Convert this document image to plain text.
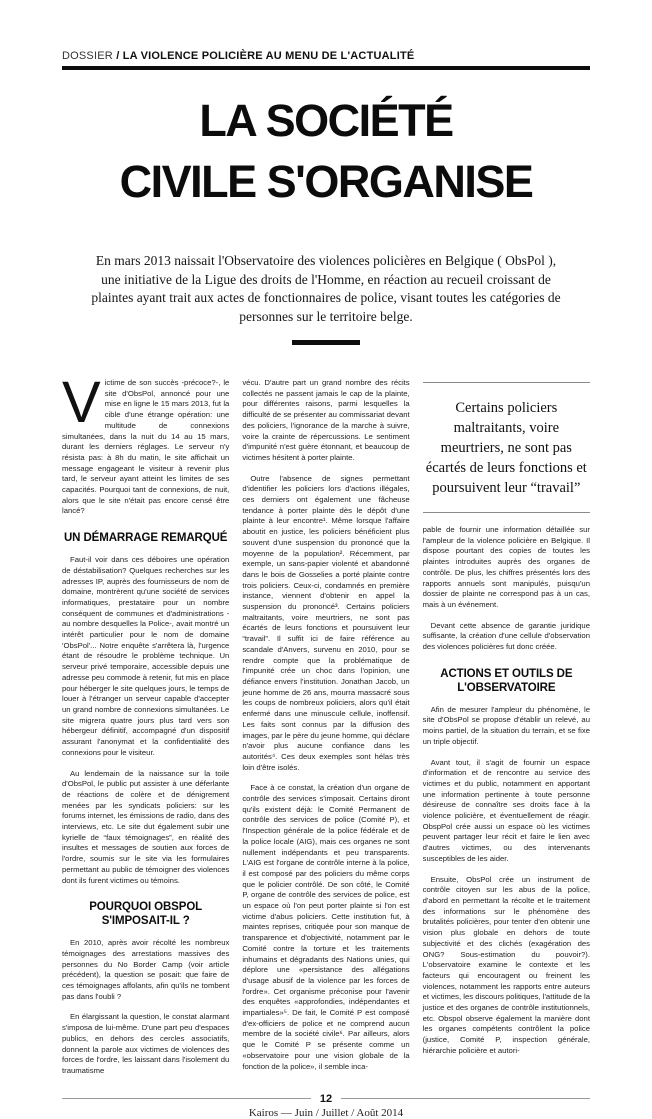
DOSSIER / LA VIOLENCE POLICIÈRE AU MENU DE L'ACTUALITÉ
LA SOCIÉTÉ
CIVILE S'ORGANISE

En mars 2013 naissait l'Observatoire des violences policières en Belgique ( ObsPol ), une initiative de la Ligue des droits de l'Homme, en réaction au recueil croissant de plaintes ayant trait aux actes de fonctionnaires de police, visant toutes les catégories de personnes sur le territoire belge.

Victime de son succès -précoce?-, le site d'ObsPol, annoncé pour une mise en ligne le 15 mars 2013, fut la cible d'une étrange opération: une multitude de connexions simultanées, dans la nuit du 14 au 15 mars, durant les derniers réglages. Le serveur n'y résista pas: à 8h du matin, le site affichait un message engageant le visiteur à revenir plus tard, le serveur ayant atteint les limites de ses capacités. Pourquoi tant de connexions, de nuit, alors que le site n'était pas encore censé être lancé?

UN DÉMARRAGE REMARQUÉ

Faut-il voir dans ces déboires une opération de déstabilisation? Quelques recherches sur les adresses IP, auprès des fournisseurs de nom de domaine, montrèrent qu'une société de services informatiques, prestataire pour un nombre conséquent de communes et d'administrations -au nombre desquelles la Police-, avait montré un intérêt particulier pour le nom de domaine 'ObsPol'... Notre enquête s'arrêtera là, l'urgence étant de résoudre le problème technique. Un serveur privé temporaire, accessible depuis une adresse peu commode à retenir, fut mis en place pour héberger le site quelques jours, le temps de louer à l'étranger un serveur capable d'accepter un grand nombre de connexions simultanées. Le site migrera quatre jours plus tard vers son hébergeur définitif, accompagné d'un dispositif assurant l'anonymat et la confidentialité des connexions pour le visiteur.

Au lendemain de la naissance sur la toile d'ObsPol, le public put assister à une déferlante de réactions de colère et de dénigrement menées par les syndicats policiers: sur les forums internet, les émissions de radio, dans des interviews, etc. Le site dut également subir une kyrielle de “faux témoignages”, en réalité des insultes et messages de soutien aux forces de l'ordre, soumis sur le site via les formulaires permettant au public de témoigner des violences dont ils furent victimes ou témoins.

POURQUOI OBSPOL S'IMPOSAIT-IL ?

En 2010, après avoir récolté les nombreux témoignages des arrestations massives des personnes du No Border Camp (voir article précédent), la question se posait: que faire de ces témoignages affolants, afin qu'ils ne tombent pas dans l'oubli ?

En élargissant la question, le constat alarmant s'imposa de lui-même. D'une part peu d'espaces publics, en dehors des cercles associatifs, donnent la parole aux victimes de violences des forces de l'ordre, les laissant dans l'isolement du traumatisme

vécu. D'autre part un grand nombre des récits collectés ne passent jamais le cap de la plainte, pour différentes raisons, parmi lesquelles la difficulté de se présenter au commissariat devant des policiers, l'ignorance de la marche à suivre, voire la crainte de répercussions. Le sentiment d'impunité n'est guère étonnant, et beaucoup de victimes hésitent à porter plainte.

Outre l'absence de signes permettant d'identifier les policiers lors d'actions illégales, ces derniers ont également une fâcheuse tendance à porter plainte dès le dépôt d'une plainte à leur encontre¹. Même lorsque l'affaire aboutit en justice, les policiers bénéficient plus souvent d'une suspension du prononcé que la moyenne de la population². Récemment, par exemple, un sans-papier violenté et abandonné dans le bois de Gosselies a porté plainte contre trois policiers. Ceux-ci, condamnés en première instance, viennent d'obtenir en appel la suspension du prononcé³. Certains policiers maltraitants, voire meurtriers, ne sont pas écartés de leurs fonctions et poursuivent leur “travail”. Il suffit ici de faire référence au scandale d'Anvers, survenu en 2010, pour se rendre compte que la problématique de l'impunité crée un choc dans l'opinion, une défiance envers l'institution. Jonathan Jacob, un jeune homme de 26 ans, mourra massacré sous les coups de nombreux policiers, alors qu'il était enfermé dans une minuscule cellule, inoffensif. Les faits sont connus par la diffusion des images, par le père du jeune homme, qui déclare n'avoir plus aucune confiance dans les autorités⁴. Ces deux exemples sont hélas très loin d'être isolés.

Face à ce constat, la création d'un organe de contrôle des services s'imposait. Certains diront qu'ils existent déjà: le Comité Permanent de contrôle des services de police (Comité P), et l'Inspection générale de la police fédérale et de la police locale (AIG), mais ces organes ne sont nullement indépendants et peu transparents. L'AIG est l'organe de contrôle interne à la police, il est composé par des policiers du même corps que le policier contrôlé. De son côté, le Comité P, organe de contrôle des services de police, est un espace où l'on peut porter plainte si l'on est victime d'abus policiers. Cette institution fut, à maintes reprises, critiquée pour son manque de transparence et d'objectivité, notamment par le Comité contre la torture et les traitements inhumains et dégradants des Nations unies, qui déplore une «persistance des allégations d'usage abusif de la violence par les forces de l'ordre». Cet organisme préconise pour l'avenir des enquêtes «approfondies, indépendantes et impartiales»⁵. De fait, le Comité P est composé d'ex-officiers de police et ne comprend aucun membre de la société civile⁶. Par ailleurs, alors que le Comité P se présente comme un «observatoire pour une vision globale de la fonction de la police», il semble inca-

Certains policiers maltraitants, voire meurtriers, ne sont pas écartés de leurs fonctions et poursuivent leur “travail”

pable de fournir une information détaillée sur l'ampleur de la violence policière en Belgique. Il dispose pourtant des copies de toutes les plaintes introduites auprès des organes de contrôle. De plus, les chiffres présentés lors des rapports annuels sont manipulés, puisqu'un dossier de plainte ne correspond pas à un cas, mais à un événement.

Devant cette absence de garantie juridique suffisante, la création d'une cellule d'observation des violences policières fut donc créée.

ACTIONS ET OUTILS DE L'OBSERVATOIRE

Afin de mesurer l'ampleur du phénomène, le site d'ObsPol se propose d'établir un relevé, au moins partiel, de la situation du terrain, et se fixe un triple objectif.

Avant tout, il s'agit de fournir un espace d'information et de rencontre au service des victimes et du public, notamment en apportant une information pertinente à toute personne désireuse de connaître ses droits face à la violence policière, et éventuellement de réagir. ObspPol crée aussi un espace où les victimes peuvent partager leur récit et faire le lien avec d'autres victimes, ou des intervenants susceptibles de les aider.

Ensuite, ObsPol crée un instrument de contrôle citoyen sur les abus de la police, d'abord en permettant la récolte et le traitement des informations sur le phénomène des brutalités policières, pour tenter d'en obtenir une vision plus globale en dehors de toute subjectivité et des clichés (exagération des ONG? Sous-estimation du pouvoir?). L'observatoire examine le contexte et les facteurs qui encouragent ou freinent les violences, notamment les rapports entre auteurs et victimes, les discours politiques, l'attitude de la justice et des organes de contrôle institutionnels, etc. Obspol observe également la manière dont les organes compétents contrôlent la police (justice, Comité P, inspection générale, hiérarchie policière et autori-

12
Kairos — Juin / Juillet / Août 2014
